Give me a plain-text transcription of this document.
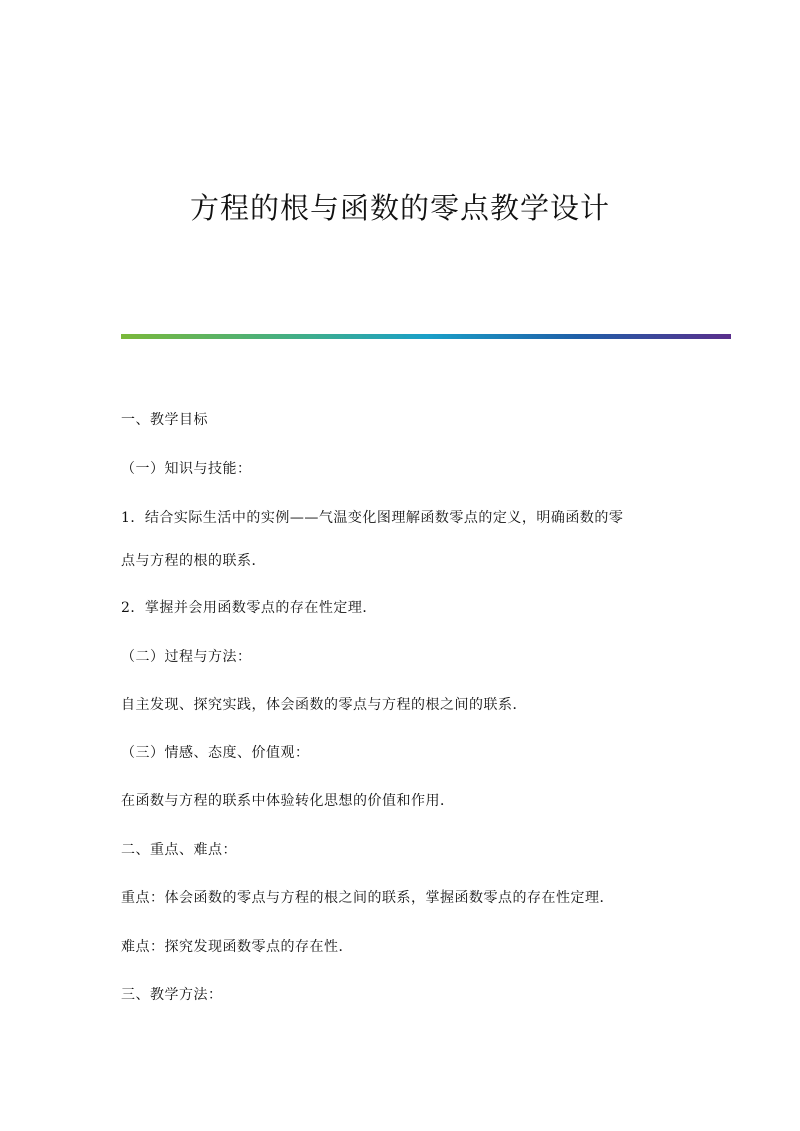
方程的根与函数的零点教学设计
一、教学目标
（一）知识与技能：
1．结合实际生活中的实例——气温变化图理解函数零点的定义，明确函数的零
点与方程的根的联系．
2．掌握并会用函数零点的存在性定理．
（二）过程与方法：
自主发现、探究实践，体会函数的零点与方程的根之间的联系．
（三）情感、态度、价值观：
在函数与方程的联系中体验转化思想的价值和作用．
二、重点、难点：
重点：体会函数的零点与方程的根之间的联系，掌握函数零点的存在性定理．
难点：探究发现函数零点的存在性．
三、教学方法：
